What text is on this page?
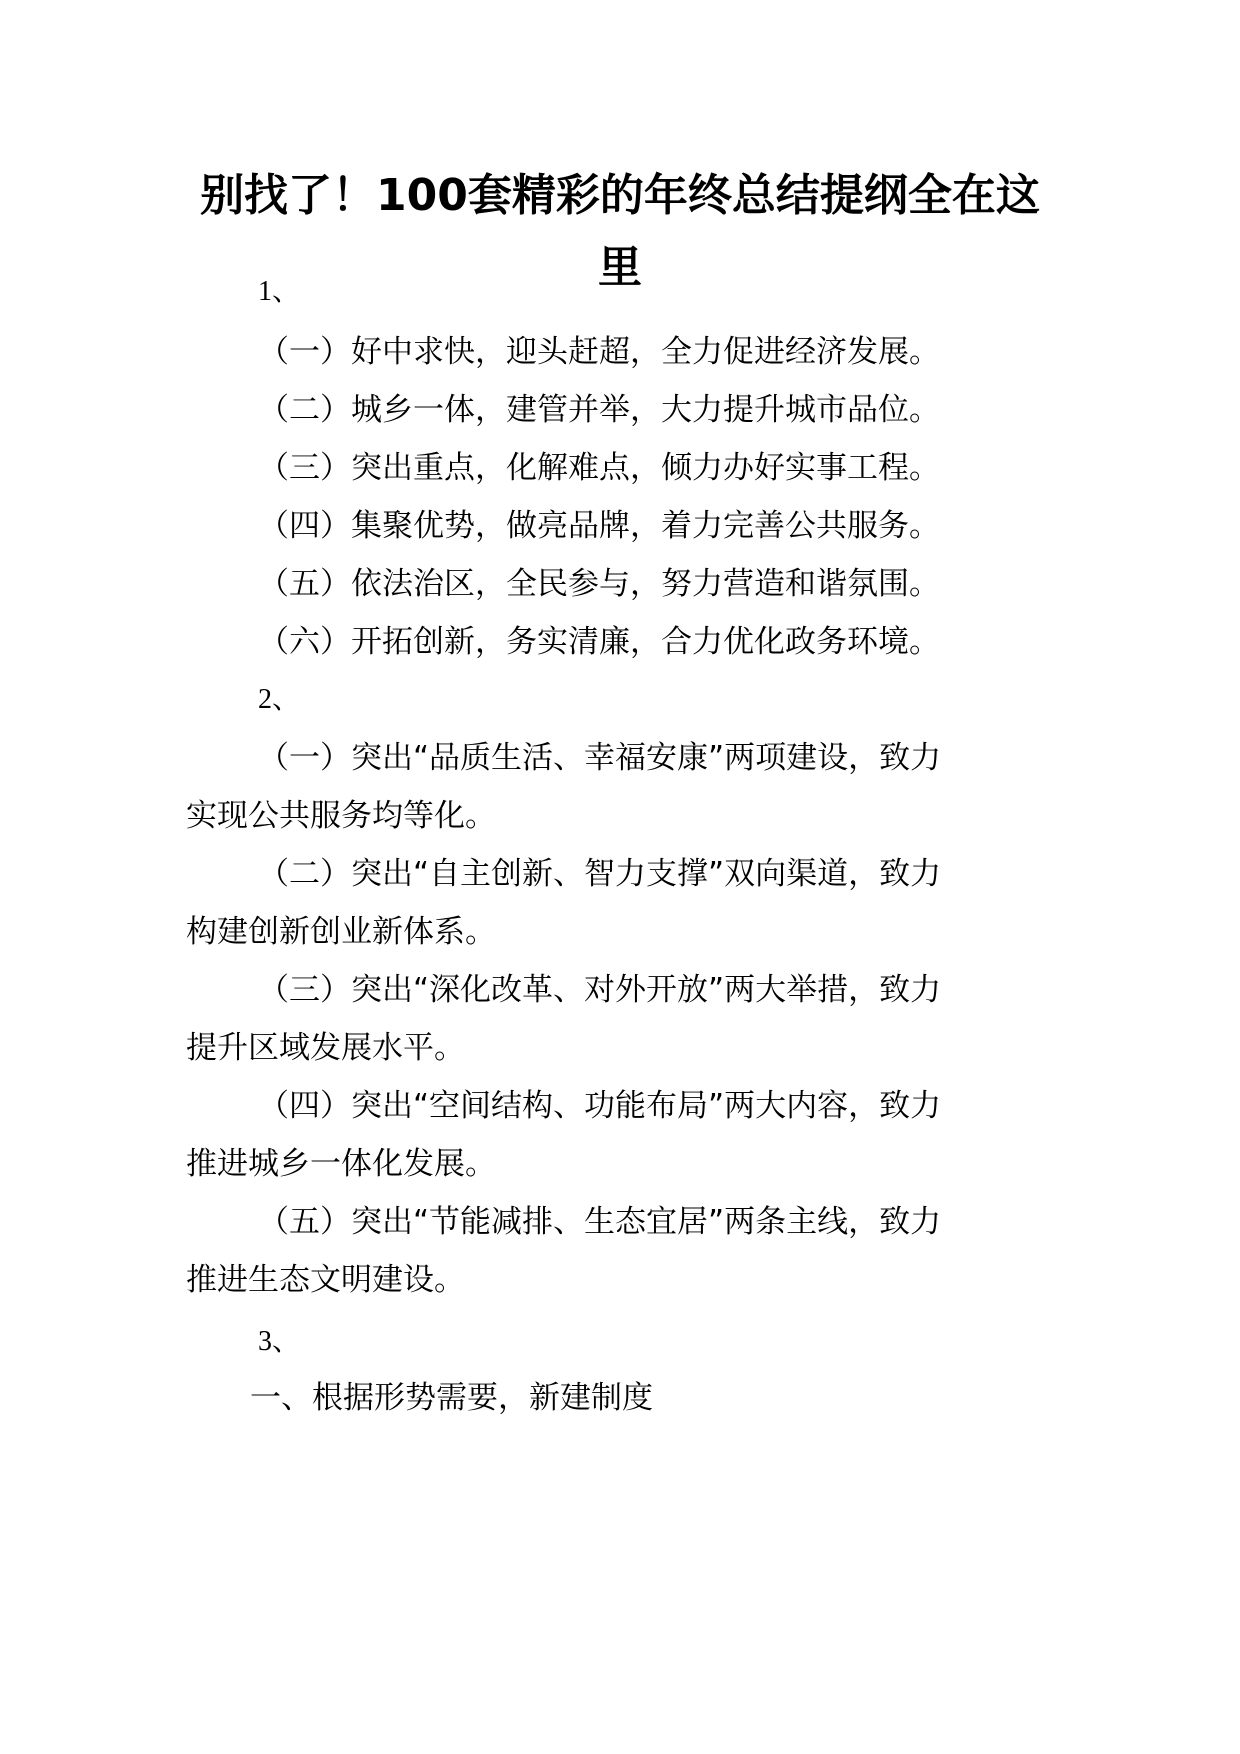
别找了！100套精彩的年终总结提纲全在这里
1、
（一）好中求快，迎头赶超，全力促进经济发展。
（二）城乡一体，建管并举，大力提升城市品位。
（三）突出重点，化解难点，倾力办好实事工程。
（四）集聚优势，做亮品牌，着力完善公共服务。
（五）依法治区，全民参与，努力营造和谐氛围。
（六）开拓创新，务实清廉，合力优化政务环境。
2、
（一）突出“品质生活、幸福安康”两项建设，致力
实现公共服务均等化。
（二）突出“自主创新、智力支撑”双向渠道，致力
构建创新创业新体系。
（三）突出“深化改革、对外开放”两大举措，致力
提升区域发展水平。
（四）突出“空间结构、功能布局”两大内容，致力
推进城乡一体化发展。
（五）突出“节能减排、生态宜居”两条主线，致力
推进生态文明建设。
3、
一、根据形势需要，新建制度
